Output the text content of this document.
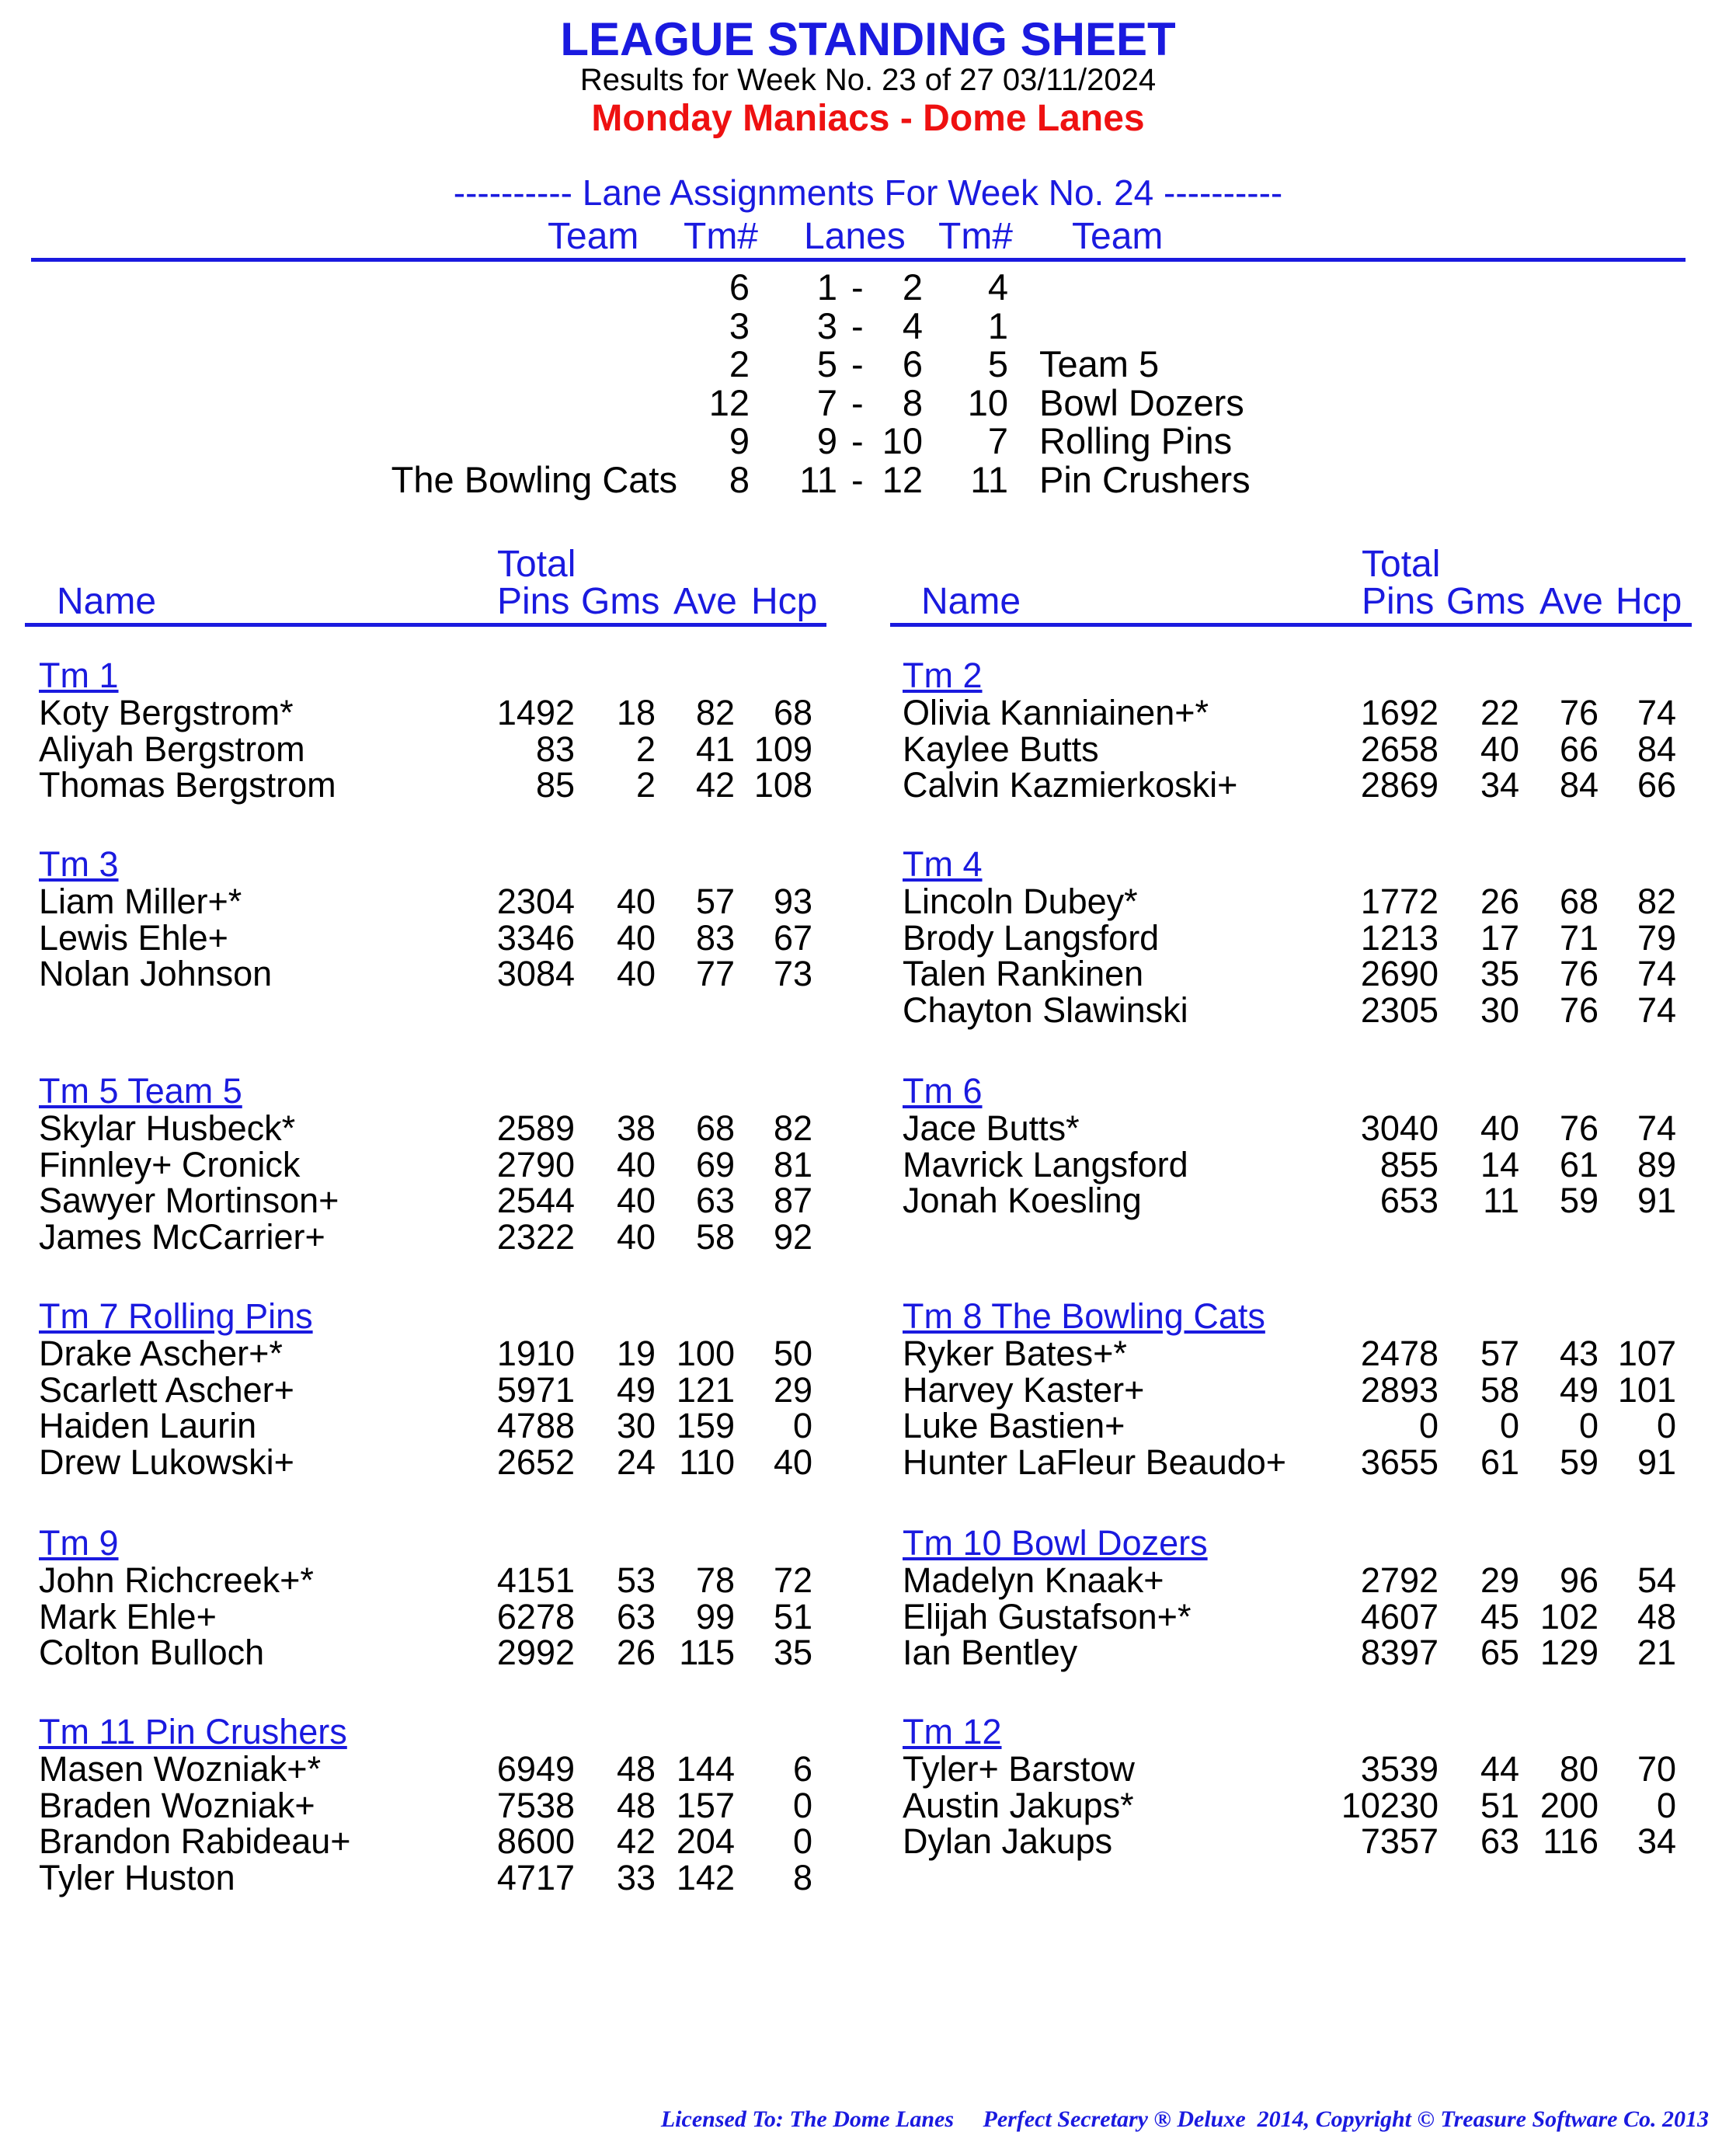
LEAGUE STANDING SHEET
Results for Week No. 23 of 27 03/11/2024
Monday Maniacs - Dome Lanes
---------- Lane Assignments For Week No. 24 ----------
Team Tm# Lanes Tm# Team
6 1 - 2 4
3 3 - 4 1
2 5 - 6 5 Team 5
12 7 - 8 10 Bowl Dozers
9 9 - 10 7 Rolling Pins
The Bowling Cats 8 11 - 12 11 Pin Crushers
Total
Name	Pins Gms Ave Hcp
Total
Name	Pins Gms Ave Hcp
Tm 1
Koty Bergstrom*	1492 18 82 68
Aliyah Bergstrom	83 2 41 109
Thomas Bergstrom	85 2 42 108
Tm 2
Olivia Kanniainen+*	1692 22 76 74
Kaylee Butts	2658 40 66 84
Calvin Kazmierkoski+	2869 34 84 66
Tm 3
Liam Miller+*	2304 40 57 93
Lewis Ehle+	3346 40 83 67
Nolan Johnson	3084 40 77 73
Tm 4
Lincoln Dubey*	1772 26 68 82
Brody Langsford	1213 17 71 79
Talen Rankinen	2690 35 76 74
Chayton Slawinski	2305 30 76 74
Tm 5 Team 5
Skylar Husbeck*	2589 38 68 82
Finnley+ Cronick	2790 40 69 81
Sawyer Mortinson+	2544 40 63 87
James McCarrier+	2322 40 58 92
Tm 6
Jace Butts*	3040 40 76 74
Mavrick Langsford	855 14 61 89
Jonah Koesling	653 11 59 91
Tm 7 Rolling Pins
Drake Ascher+*	1910 19 100 50
Scarlett Ascher+	5971 49 121 29
Haiden Laurin	4788 30 159 0
Drew Lukowski+	2652 24 110 40
Tm 8 The Bowling Cats
Ryker Bates+*	2478 57 43 107
Harvey Kaster+	2893 58 49 101
Luke Bastien+	0 0 0 0
Hunter LaFleur Beaudo+ 3655 61 59 91
Tm 9
John Richcreek+*	4151 53 78 72
Mark Ehle+	6278 63 99 51
Colton Bulloch	2992 26 115 35
Tm 10 Bowl Dozers
Madelyn Knaak+	2792 29 96 54
Elijah Gustafson+*	4607 45 102 48
Ian Bentley	8397 65 129 21
Tm 11 Pin Crushers
Masen Wozniak+*	6949 48 144 6
Braden Wozniak+	7538 48 157 0
Brandon Rabideau+	8600 42 204 0
Tyler Huston	4717 33 142 8
Tm 12
Tyler+ Barstow	3539 44 80 70
Austin Jakups*	10230 51 200 0
Dylan Jakups	7357 63 116 34
Licensed To: The Dome Lanes     Perfect Secretary ® Deluxe  2014, Copyright © Treasure Software Co. 2013
